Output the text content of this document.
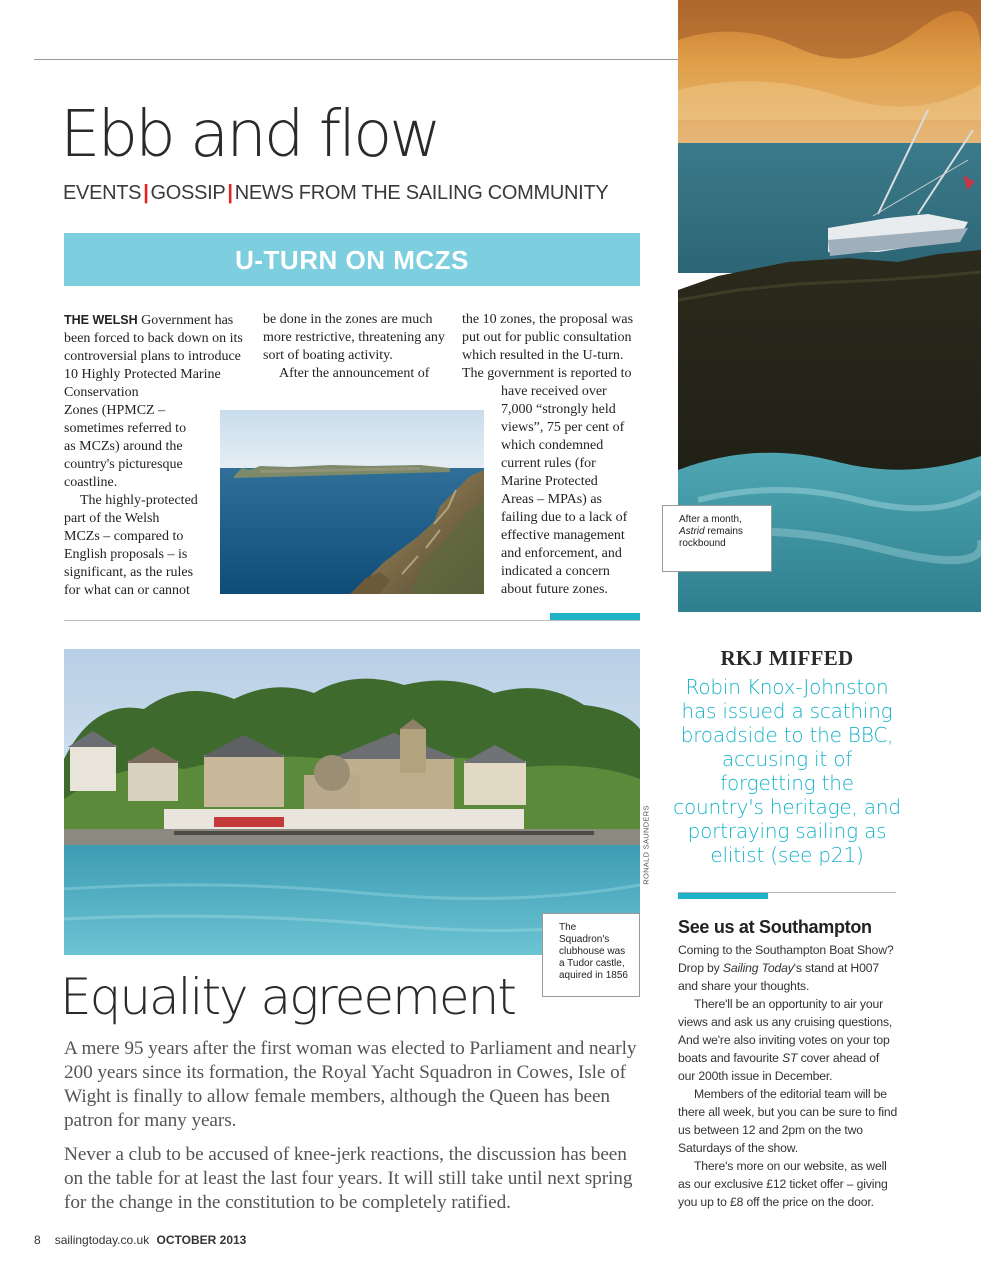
Ebb and flow
EVENTS | GOSSIP | NEWS FROM THE SAILING COMMUNITY
U-TURN ON MCZS

THE WELSH Government has been forced to back down on its controversial plans to introduce 10 Highly Protected Marine Conservation

Zones (HPMCZ –
sometimes referred to
as MCZs) around the
country's picturesque
coastline.
The highly-protected
part of the Welsh
MCZs – compared to
English proposals – is
significant, as the rules
for what can or cannot

be done in the zones are much more restrictive, threatening any sort of boating activity.

After the announcement of

the 10 zones, the proposal was put out for public consultation which resulted in the U-turn. The government is reported to

have received over
7,000 “strongly held
views”, 75 per cent of
which condemned
current rules (for
Marine Protected
Areas – MPAs) as
failing due to a lack of
effective management
and enforcement, and
indicated a concern
about future zones.
After a month,
Astrid remains rockbound
RONALD SAUNDERS
The Squadron's clubhouse was a Tudor castle, aquired in 1856
RKJ MIFFED
Robin Knox-Johnston has issued a scathing broadside to the BBC, accusing it of forgetting the country's heritage, and portraying sailing as elitist (see p21)
See us at Southampton

Coming to the Southampton Boat Show? Drop by Sailing Today's stand at H007 and share your thoughts.

There'll be an opportunity to air your views and ask us any cruising questions, And we're also inviting votes on your top boats and favourite ST cover ahead of our 200th issue in December.

Members of the editorial team will be there all week, but you can be sure to find us between 12 and 2pm on the two Saturdays of the show.

There's more on our website, as well as our exclusive £12 ticket offer – giving you up to £8 off the price on the door.

Equality agreement

A mere 95 years after the first woman was elected to Parliament and nearly 200 years since its formation, the Royal Yacht Squadron in Cowes, Isle of Wight is finally to allow female members, although the Queen has been patron for many years.

Never a club to be accused of knee-jerk reactions, the discussion has been on the table for at least the last four years. It will still take until next spring for the change in the constitution to be completely ratified.

8 sailingtoday.co.uk OCTOBER 2013
